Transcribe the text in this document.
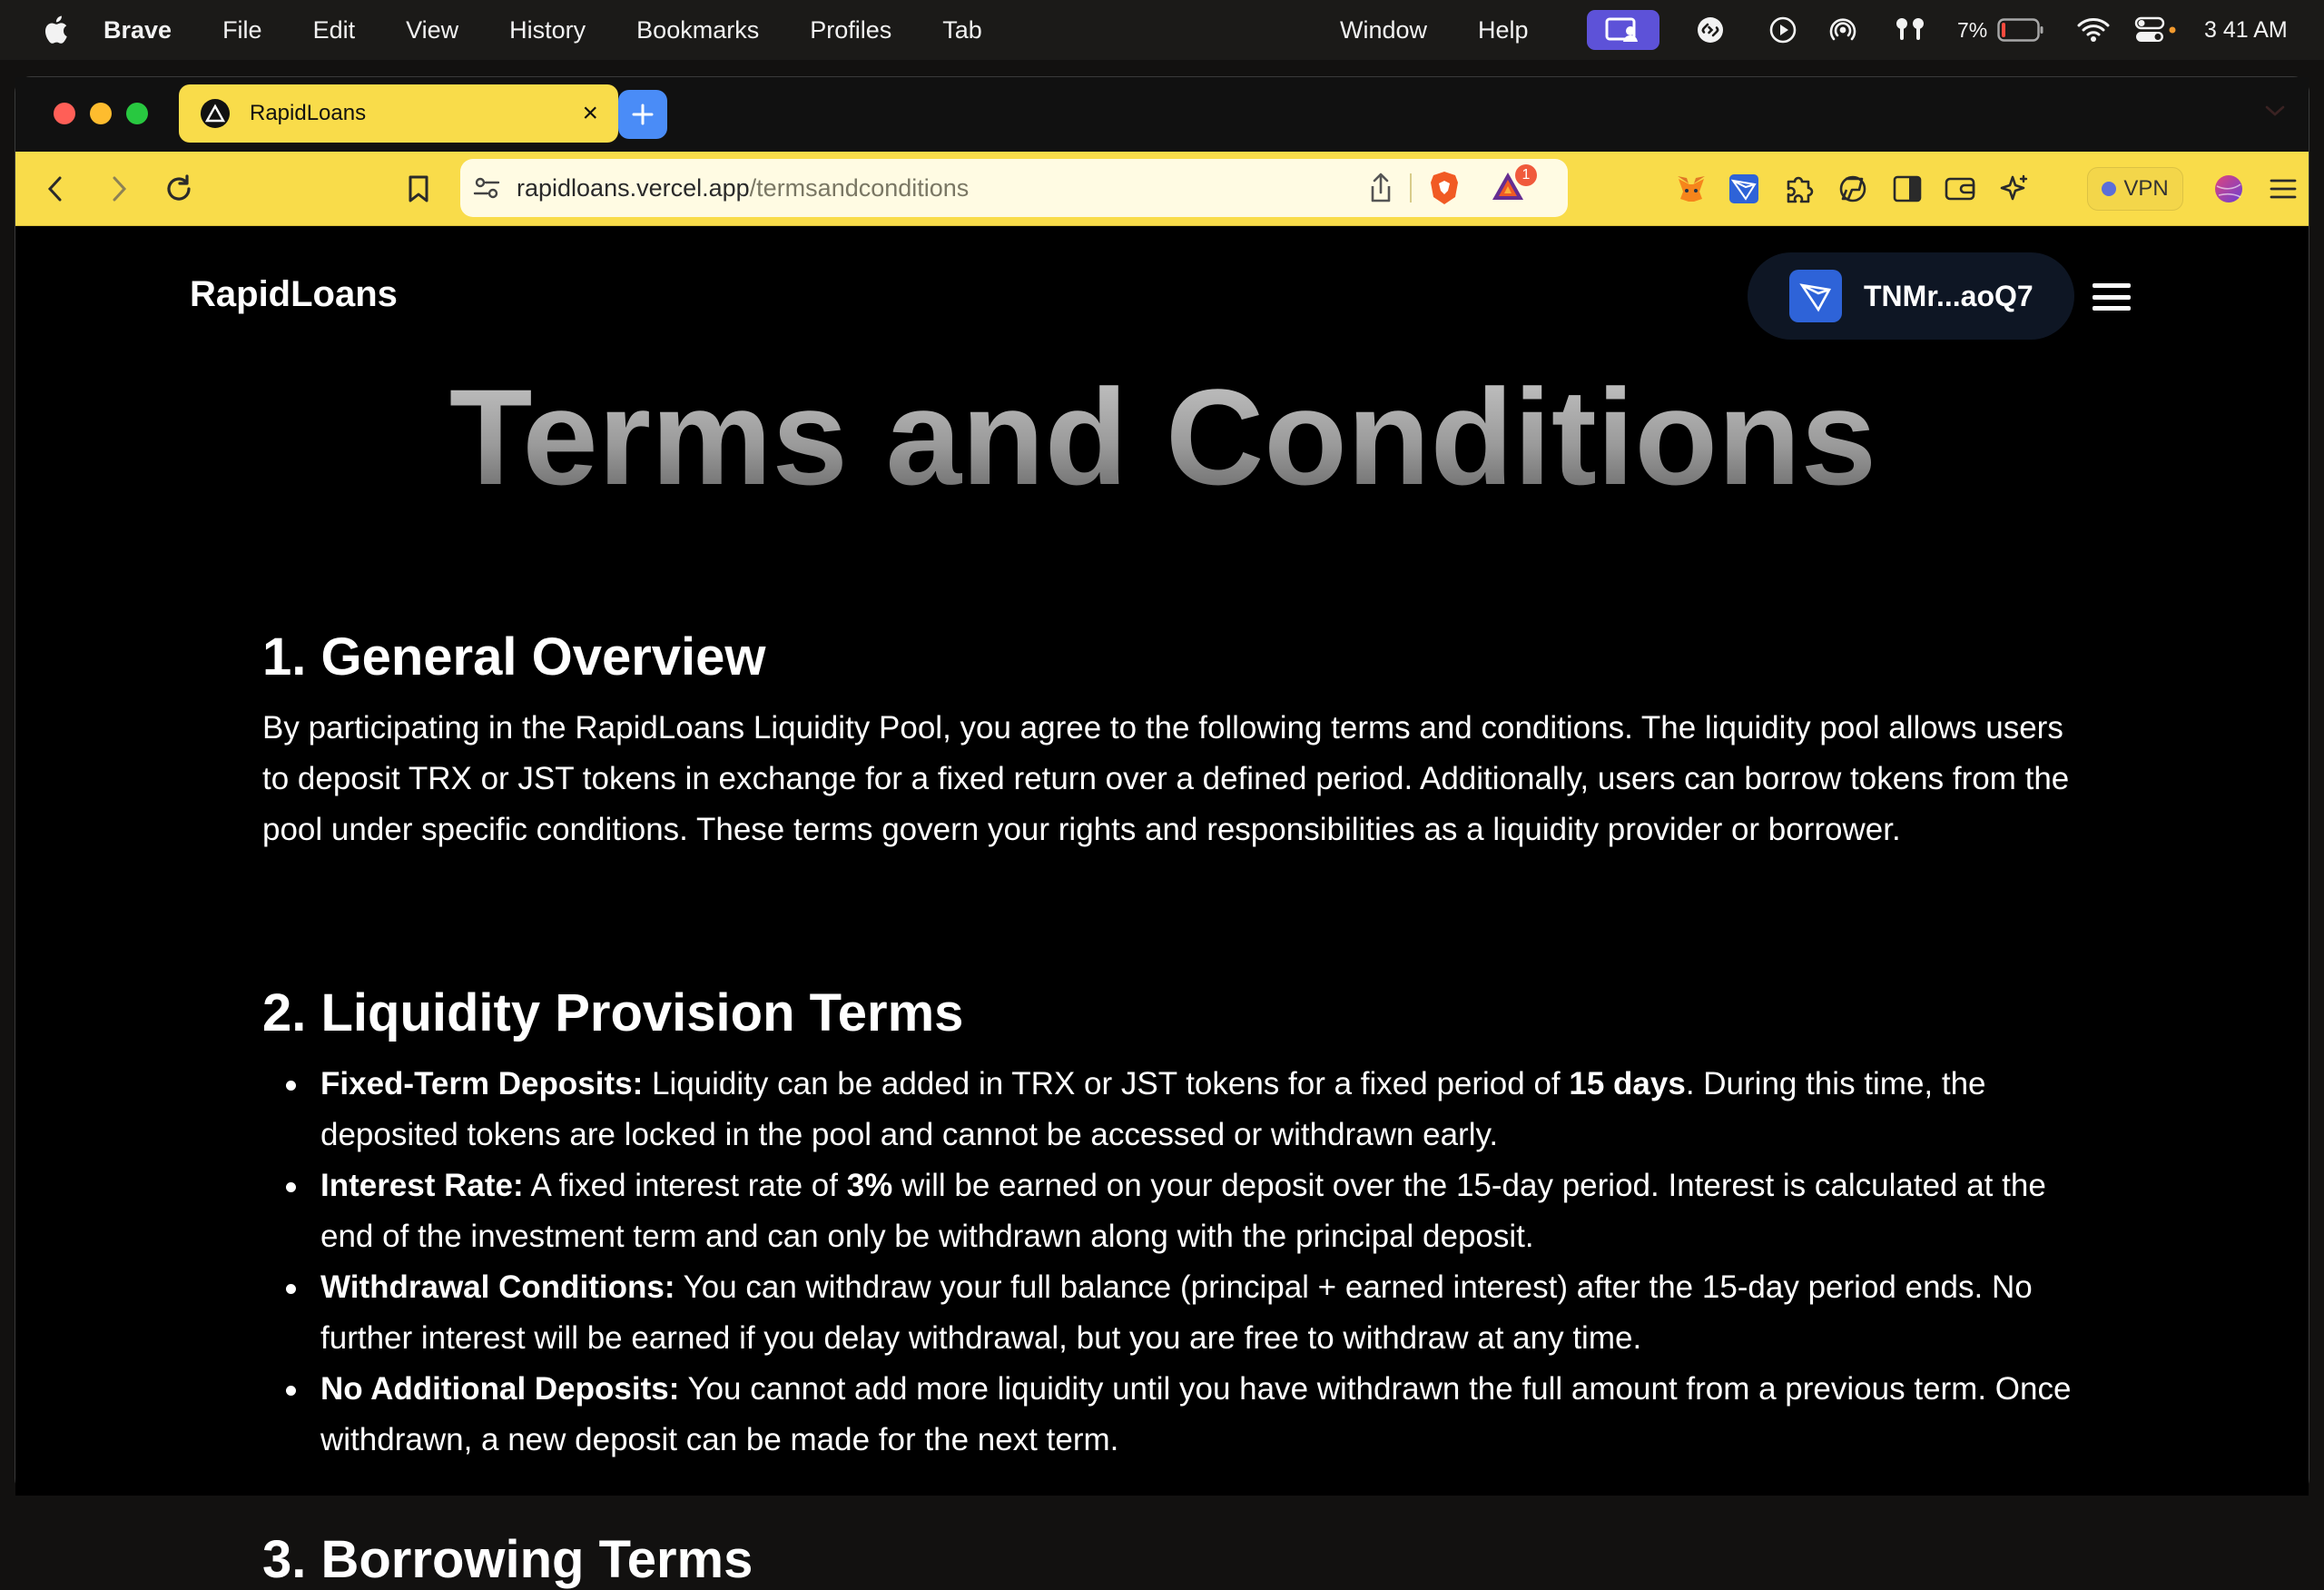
Brave File Edit View History Bookmarks Profiles Tab	Window Help	7%	3 41 AM
RapidLoans	×
rapidloans.vercel.app /termsandconditions	1
VPN
RapidLoans	TNMr...aoQ7
Terms and Conditions
1. General Overview

By participating in the RapidLoans Liquidity Pool, you agree to the following terms and conditions. The liquidity pool allows users to deposit TRX or JST tokens in exchange for a fixed return over a defined period. Additionally, users can borrow tokens from the pool under specific conditions. These terms govern your rights and responsibilities as a liquidity provider or borrower.

2. Liquidity Provision Terms
Fixed-Term Deposits: Liquidity can be added in TRX or JST tokens for a fixed period of 15 days. During this time, the deposited tokens are locked in the pool and cannot be accessed or withdrawn early.
Interest Rate: A fixed interest rate of 3% will be earned on your deposit over the 15-day period. Interest is calculated at the end of the investment term and can only be withdrawn along with the principal deposit.
Withdrawal Conditions: You can withdraw your full balance (principal + earned interest) after the 15-day period ends. No further interest will be earned if you delay withdrawal, but you are free to withdraw at any time.
No Additional Deposits: You cannot add more liquidity until you have withdrawn the full amount from a previous term. Once withdrawn, a new deposit can be made for the next term.
3. Borrowing Terms
